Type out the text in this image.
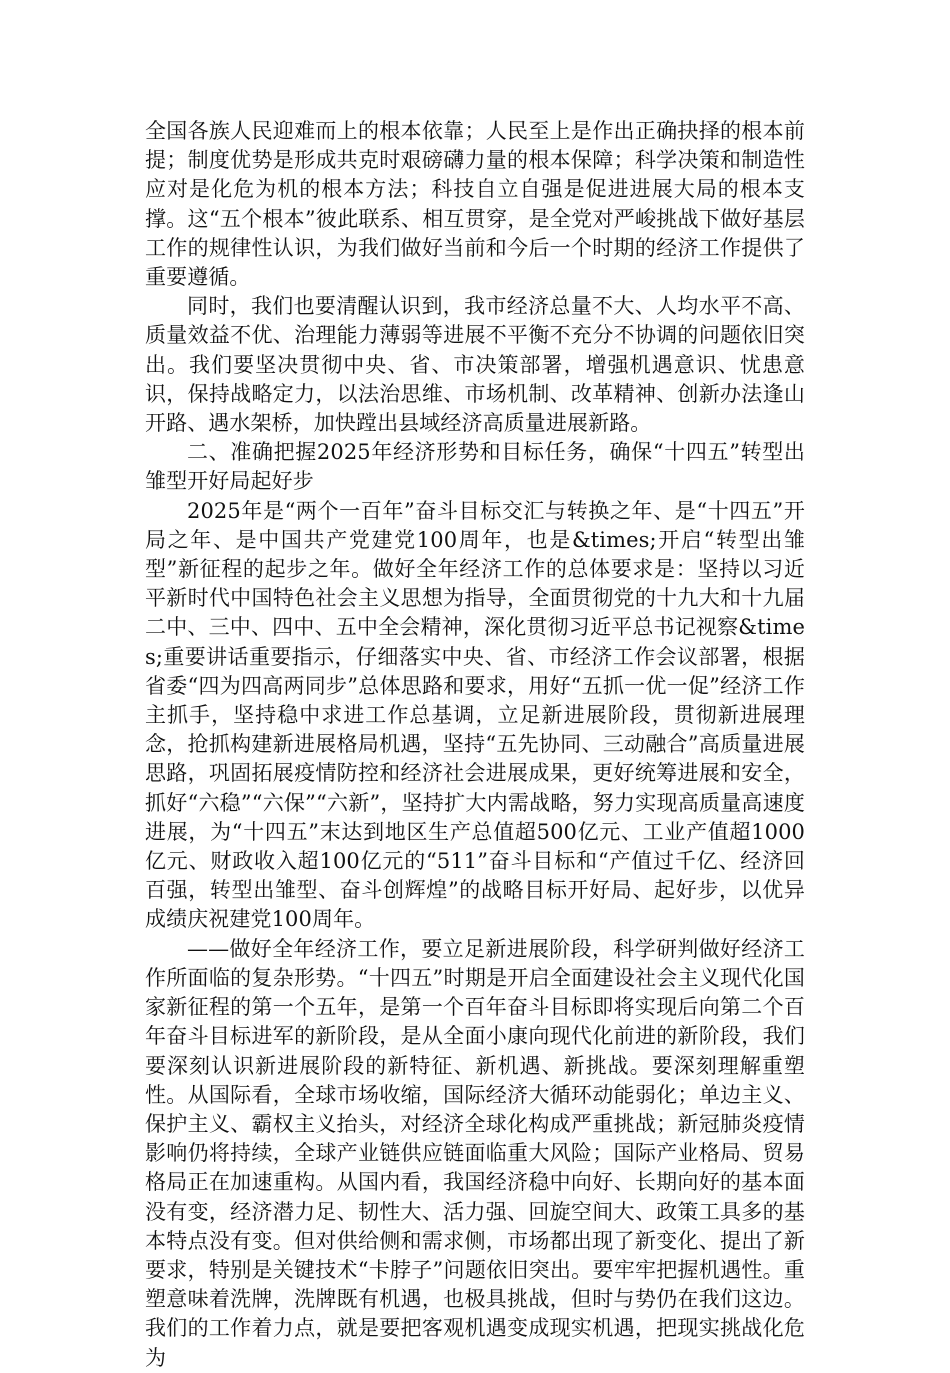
全国各族人民迎难而上的根本依靠；人民至上是作出正确抉择的根本前提；制度优势是形成共克时艰磅礴力量的根本保障；科学决策和制造性应对是化危为机的根本方法；科技自立自强是促进进展大局的根本支撑。这“五个根本”彼此联系、相互贯穿，是全党对严峻挑战下做好基层工作的规律性认识，为我们做好当前和今后一个时期的经济工作提供了重要遵循。

同时，我们也要清醒认识到，我市经济总量不大、人均水平不高、质量效益不优、治理能力薄弱等进展不平衡不充分不协调的问题依旧突出。我们要坚决贯彻中央、省、市决策部署，增强机遇意识、忧患意识，保持战略定力，以法治思维、市场机制、改革精神、创新办法逢山开路、遇水架桥，加快蹚出县域经济高质量进展新路。

二、准确把握2025年经济形势和目标任务，确保“十四五”转型出雏型开好局起好步

2025年是“两个一百年”奋斗目标交汇与转换之年、是“十四五”开局之年、是中国共产党建党100周年，也是&times;开启“转型出雏型”新征程的起步之年。做好全年经济工作的总体要求是：坚持以习近平新时代中国特色社会主义思想为指导，全面贯彻党的十九大和十九届二中、三中、四中、五中全会精神，深化贯彻习近平总书记视察&times;重要讲话重要指示，仔细落实中央、省、市经济工作会议部署，根据省委“四为四高两同步”总体思路和要求，用好“五抓一优一促”经济工作主抓手，坚持稳中求进工作总基调，立足新进展阶段，贯彻新进展理念，抢抓构建新进展格局机遇，坚持“五先协同、三动融合”高质量进展思路，巩固拓展疫情防控和经济社会进展成果，更好统筹进展和安全，抓好“六稳”“六保”“六新”，坚持扩大内需战略，努力实现高质量高速度进展，为“十四五”末达到地区生产总值超500亿元、工业产值超1000亿元、财政收入超100亿元的“511”奋斗目标和“产值过千亿、经济回百强，转型出雏型、奋斗创辉煌”的战略目标开好局、起好步，以优异成绩庆祝建党100周年。

——做好全年经济工作，要立足新进展阶段，科学研判做好经济工作所面临的复杂形势。“十四五”时期是开启全面建设社会主义现代化国家新征程的第一个五年，是第一个百年奋斗目标即将实现后向第二个百年奋斗目标进军的新阶段，是从全面小康向现代化前进的新阶段，我们要深刻认识新进展阶段的新特征、新机遇、新挑战。要深刻理解重塑性。从国际看，全球市场收缩，国际经济大循环动能弱化；单边主义、保护主义、霸权主义抬头，对经济全球化构成严重挑战；新冠肺炎疫情影响仍将持续，全球产业链供应链面临重大风险；国际产业格局、贸易格局正在加速重构。从国内看，我国经济稳中向好、长期向好的基本面没有变，经济潜力足、韧性大、活力强、回旋空间大、政策工具多的基本特点没有变。但对供给侧和需求侧，市场都出现了新变化、提出了新要求，特别是关键技术“卡脖子”问题依旧突出。要牢牢把握机遇性。重塑意味着洗牌，洗牌既有机遇，也极具挑战，但时与势仍在我们这边。我们的工作着力点，就是要把客观机遇变成现实机遇，把现实挑战化危为
